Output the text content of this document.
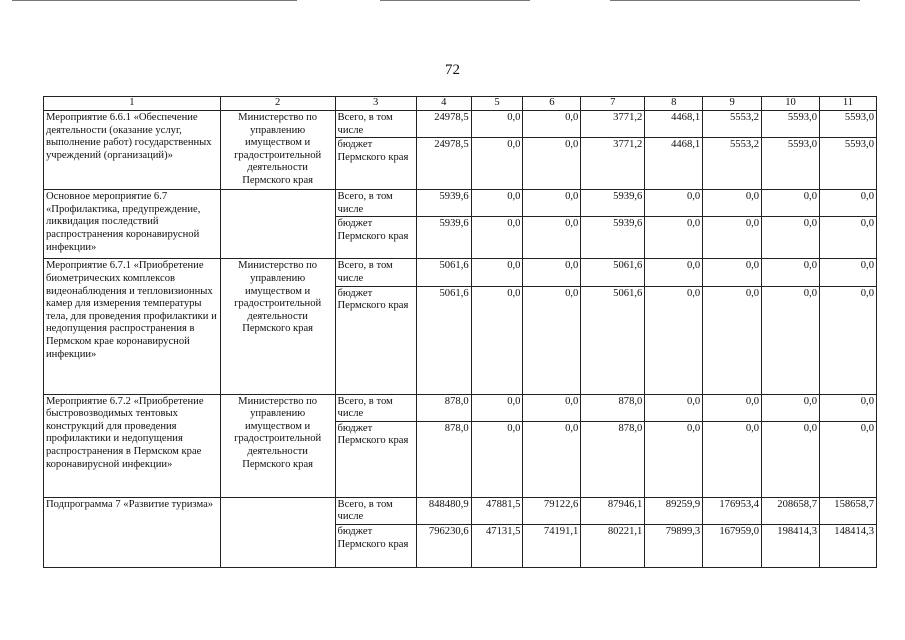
72
1	2	3	4	5	6	7	8	9	10	11
Мероприятие 6.6.1 «Обеспечение деятельности (оказание услуг, выполнение работ) государственных учреждений (организаций)»	Министерство по управлению имуществом и градостроительной деятельности Пермского края	Всего, в том числе	24978,5	0,0	0,0	3771,2	4468,1	5553,2	5593,0	5593,0
		бюджет Пермского края	24978,5	0,0	0,0	3771,2	4468,1	5553,2	5593,0	5593,0
Основное мероприятие 6.7 «Профилактика, предупреждение, ликвидация последствий распространения коронавирусной инфекции»		Всего, в том числе	5939,6	0,0	0,0	5939,6	0,0	0,0	0,0	0,0
		бюджет Пермского края	5939,6	0,0	0,0	5939,6	0,0	0,0	0,0	0,0
Мероприятие 6.7.1 «Приобретение биометрических комплексов видеонаблюдения и тепловизионных камер для измерения температуры тела, для проведения профилактики и недопущения распространения в Пермском крае коронавирусной инфекции»	Министерство по управлению имуществом и градостроительной деятельности Пермского края	Всего, в том числе	5061,6	0,0	0,0	5061,6	0,0	0,0	0,0	0,0
		бюджет Пермского края	5061,6	0,0	0,0	5061,6	0,0	0,0	0,0	0,0
Мероприятие 6.7.2 «Приобретение быстровозводимых тентовых конструкций для проведения профилактики и недопущения распространения в Пермском крае коронавирусной инфекции»	Министерство по управлению имуществом и градостроительной деятельности Пермского края	Всего, в том числе	878,0	0,0	0,0	878,0	0,0	0,0	0,0	0,0
		бюджет Пермского края	878,0	0,0	0,0	878,0	0,0	0,0	0,0	0,0
Подпрограмма 7 «Развитие туризма»		Всего, в том числе	848480,9	47881,5	79122,6	87946,1	89259,9	176953,4	208658,7	158658,7
		бюджет Пермского края	796230,6	47131,5	74191,1	80221,1	79899,3	167959,0	198414,3	148414,3
